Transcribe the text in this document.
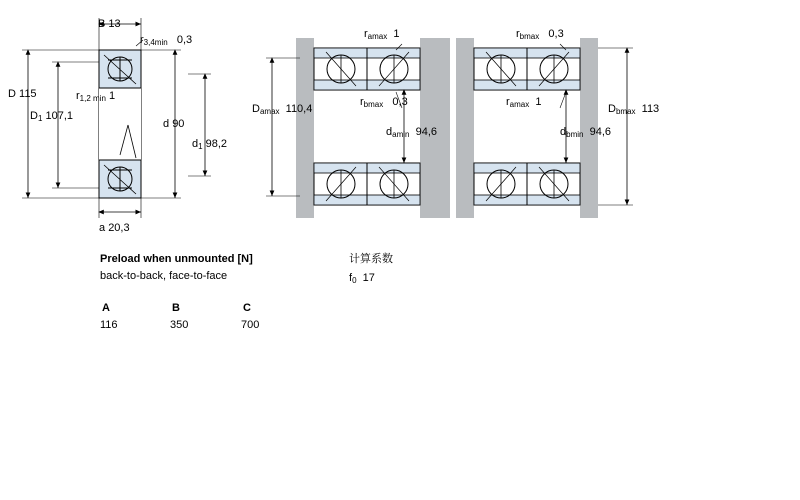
B 13
$r_{3,4min}$ 0,3
D 115
$D_1$ 107,1
$r_{1,2 min}$ 1
d 90
$d_1$ 98,2
a 20,3
$r_{amax}$ 1	$r_{bmax}$ 0,3
$D_{amax}$ 110,4
$r_{bmax}$ 0,3	$r_{amax}$ 1
$D_{bmax}$ 113
$d_{amin}$ 94,6	$d_{bmin}$ 94,6
Preload when unmounted [N]
back-to-back, face-to-face
A	B	C
116	350	700
计算系数
$f_0$ 17
